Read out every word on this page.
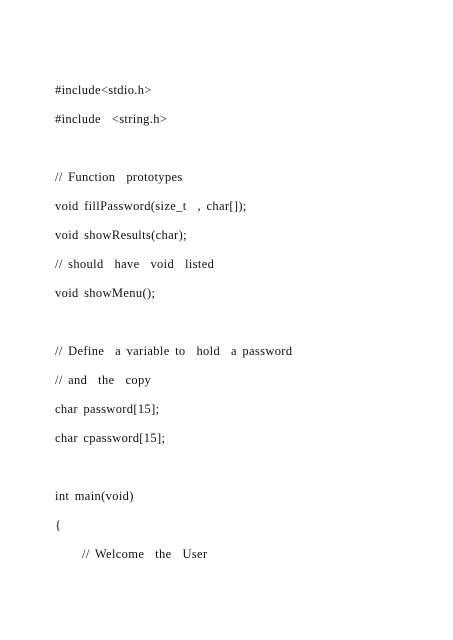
#include<stdio.h>
#include  <string.h>
// Function  prototypes
void fillPassword(size_t  , char[]);
void showResults(char);
// should  have  void  listed
void showMenu();
// Define  a variable to  hold  a password
// and  the  copy
char password[15];
char cpassword[15];
int main(void)
{
// Welcome  the  User
